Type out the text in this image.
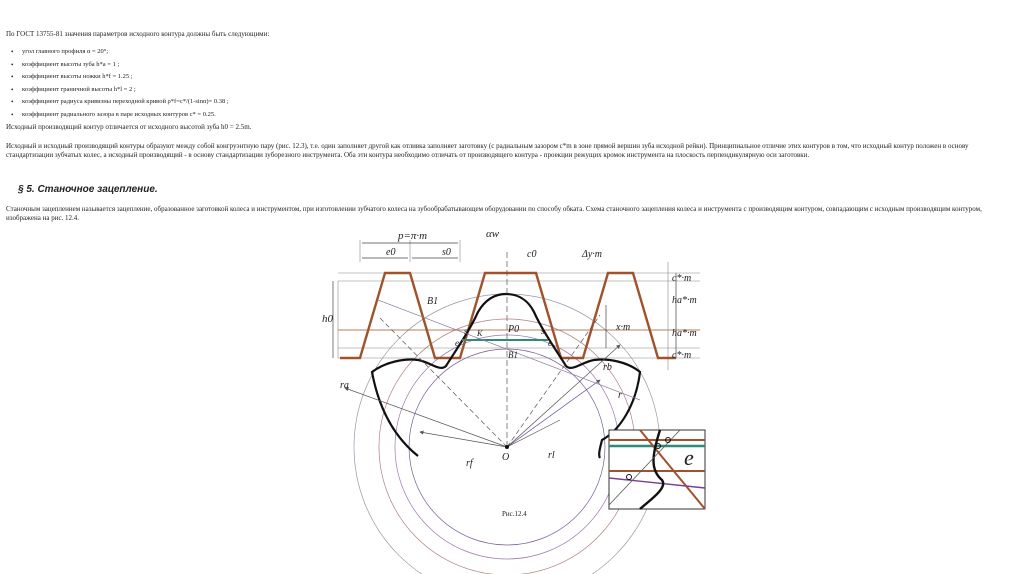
По ГОСТ 13755-81 значения параметров исходного контура должны быть следующими:
• угол главного профиля α = 20°;
• коэффициент высоты зуба h*a = 1 ;
• коэффициент высоты ножки h*f = 1.25 ;
• коэффициент граничной высоты h*l = 2 ;
• коэффициент радиуса кривизны переходной кривой ρ*f=c*/(1-sinα)= 0.38 ;
• коэффициент радиального зазора в паре исходных контуров c* = 0.25.
Исходный производящий контур отличается от исходного высотой зуба h0 = 2.5m.
Исходный и исходный производящий контуры образуют между собой конгруэнтную пару (рис. 12.3), т.е. один заполняет другой как отливка заполняет заготовку (с радиальным зазором c*m в зоне прямой вершин зуба исходной рейки). Принципиальное отличие этих контуров в том, что исходный контур положен в основу
стандартизации зубчатых колес, а исходный производящий - в основу стандартизации зуборезного инструмента. Оба эти контура необходимо отличать от производящего контура - проекции режущих кромок инструмента на плоскость перпендикулярную оси заготовки.
§ 5. Станочное зацепление.
Станочным зацеплением называется зацепление, образованное заготовкой колеса и инструментом, при изготовлении зубчатого колеса на зубообрабатывающем оборудовании по способу обката. Схема станочного зацепления колеса и инструмента с производящим контуром, совпадающим с исходным производящим контуром,
изображена на рис. 12.4.
p=π·m	αw
e0	s0	c0	Δy·m
c*·m
ha*·m
x·m
ha*·m
c*·m
h0
B1
B1
P0
K
s	s
e	e
ra
rb
r
rf
rl
O	e
Рис.12.4
